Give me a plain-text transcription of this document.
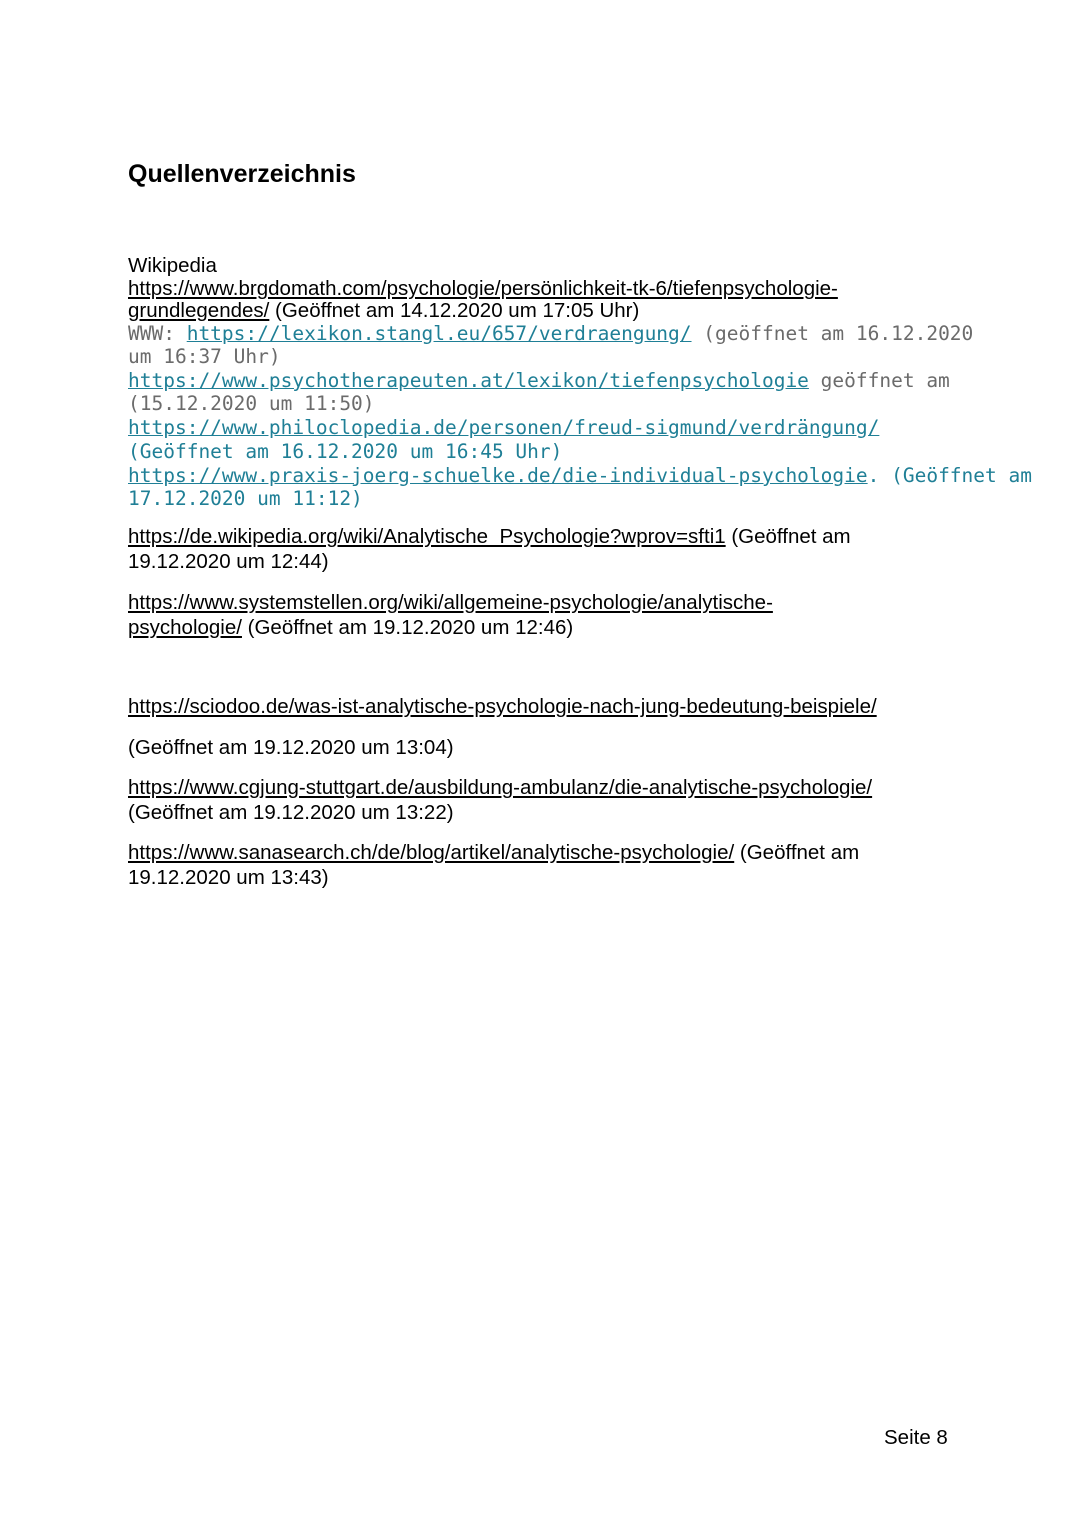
Quellenverzeichnis
Wikipedia
https://www.brgdomath.com/psychologie/persönlichkeit-tk-6/tiefenpsychologie-
grundlegendes/ (Geöffnet am 14.12.2020 um 17:05 Uhr)
WWW: https://lexikon.stangl.eu/657/verdraengung/ (geöffnet am 16.12.2020
um 16:37 Uhr)
https://www.psychotherapeuten.at/lexikon/tiefenpsychologie geöffnet am
(15.12.2020 um 11:50)
https://www.philoclopedia.de/personen/freud-sigmund/verdrängung/
(Geöffnet am 16.12.2020 um 16:45 Uhr)
https://www.praxis-joerg-schuelke.de/die-individual-psychologie. (Geöffnet am
17.12.2020 um 11:12)
https://de.wikipedia.org/wiki/Analytische_Psychologie?wprov=sfti1 (Geöffnet am
19.12.2020 um 12:44)
https://www.systemstellen.org/wiki/allgemeine-psychologie/analytische-
psychologie/ (Geöffnet am 19.12.2020 um 12:46)
https://sciodoo.de/was-ist-analytische-psychologie-nach-jung-bedeutung-beispiele/
(Geöffnet am 19.12.2020 um 13:04)
https://www.cgjung-stuttgart.de/ausbildung-ambulanz/die-analytische-psychologie/
(Geöffnet am 19.12.2020 um 13:22)
https://www.sanasearch.ch/de/blog/artikel/analytische-psychologie/ (Geöffnet am
19.12.2020 um 13:43)
Seite 8
